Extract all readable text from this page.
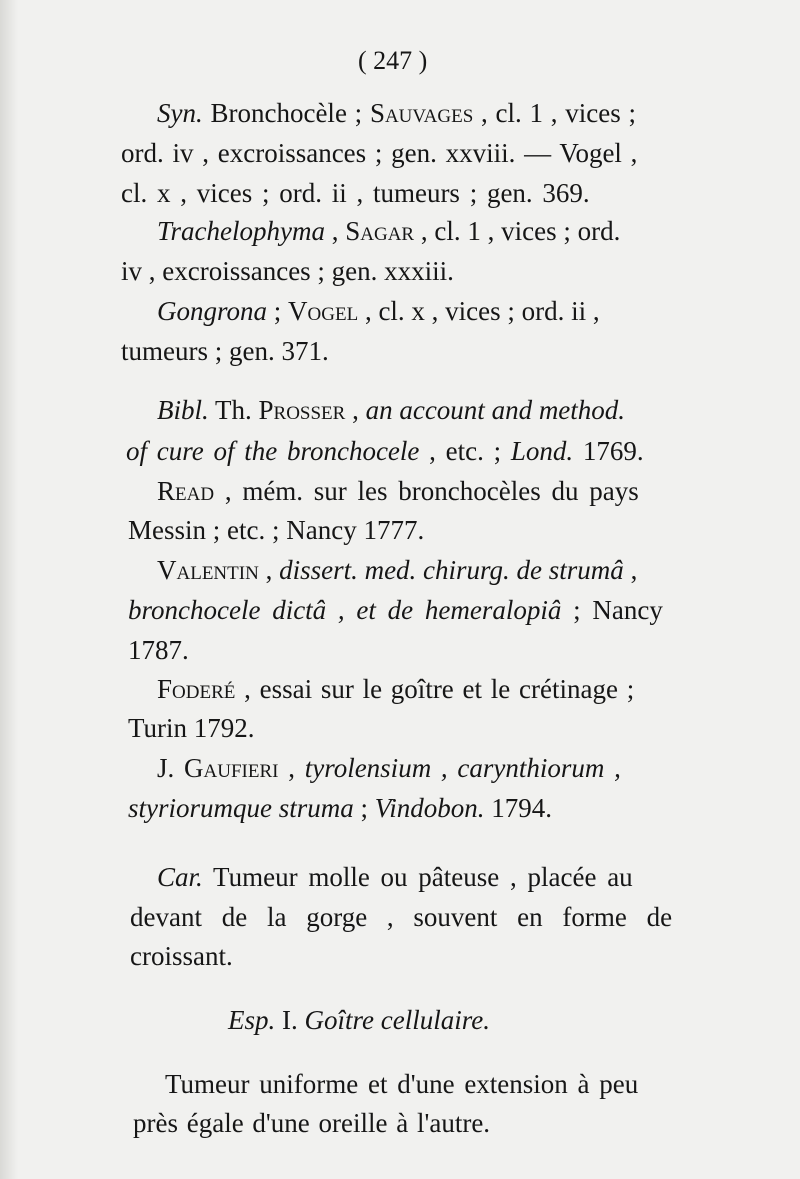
( 247 )
Syn. Bronchocèle ; Sauvages , cl. 1 , vices ;
ord. iv , excroissances ; gen. xxviii. — Vogel ,
cl. x , vices ; ord. ii , tumeurs ; gen. 369.
Trachelophyma , Sagar , cl. 1 , vices ; ord.
iv , excroissances ; gen. xxxiii.
Gongrona ; Vogel , cl. x , vices ; ord. ii ,
tumeurs ; gen. 371.
Bibl. Th. Prosser , an account and method.
of cure of the bronchocele , etc. ; Lond. 1769.
Read , mém. sur les bronchocèles du pays
Messin ; etc. ; Nancy 1777.
Valentin , dissert. med. chirurg. de strumâ ,
bronchocele dictâ , et de hemeralopiâ ; Nancy
1787.
Foderé , essai sur le goître et le crétinage ;
Turin 1792.
J. Gaufieri , tyrolensium , carynthiorum ,
styriorumque struma ; Vindobon. 1794.
Car. Tumeur molle ou pâteuse , placée au
devant de la gorge , souvent en forme de
croissant.
Esp. I. Goître cellulaire.
Tumeur uniforme et d'une extension à peu
près égale d'une oreille à l'autre.
